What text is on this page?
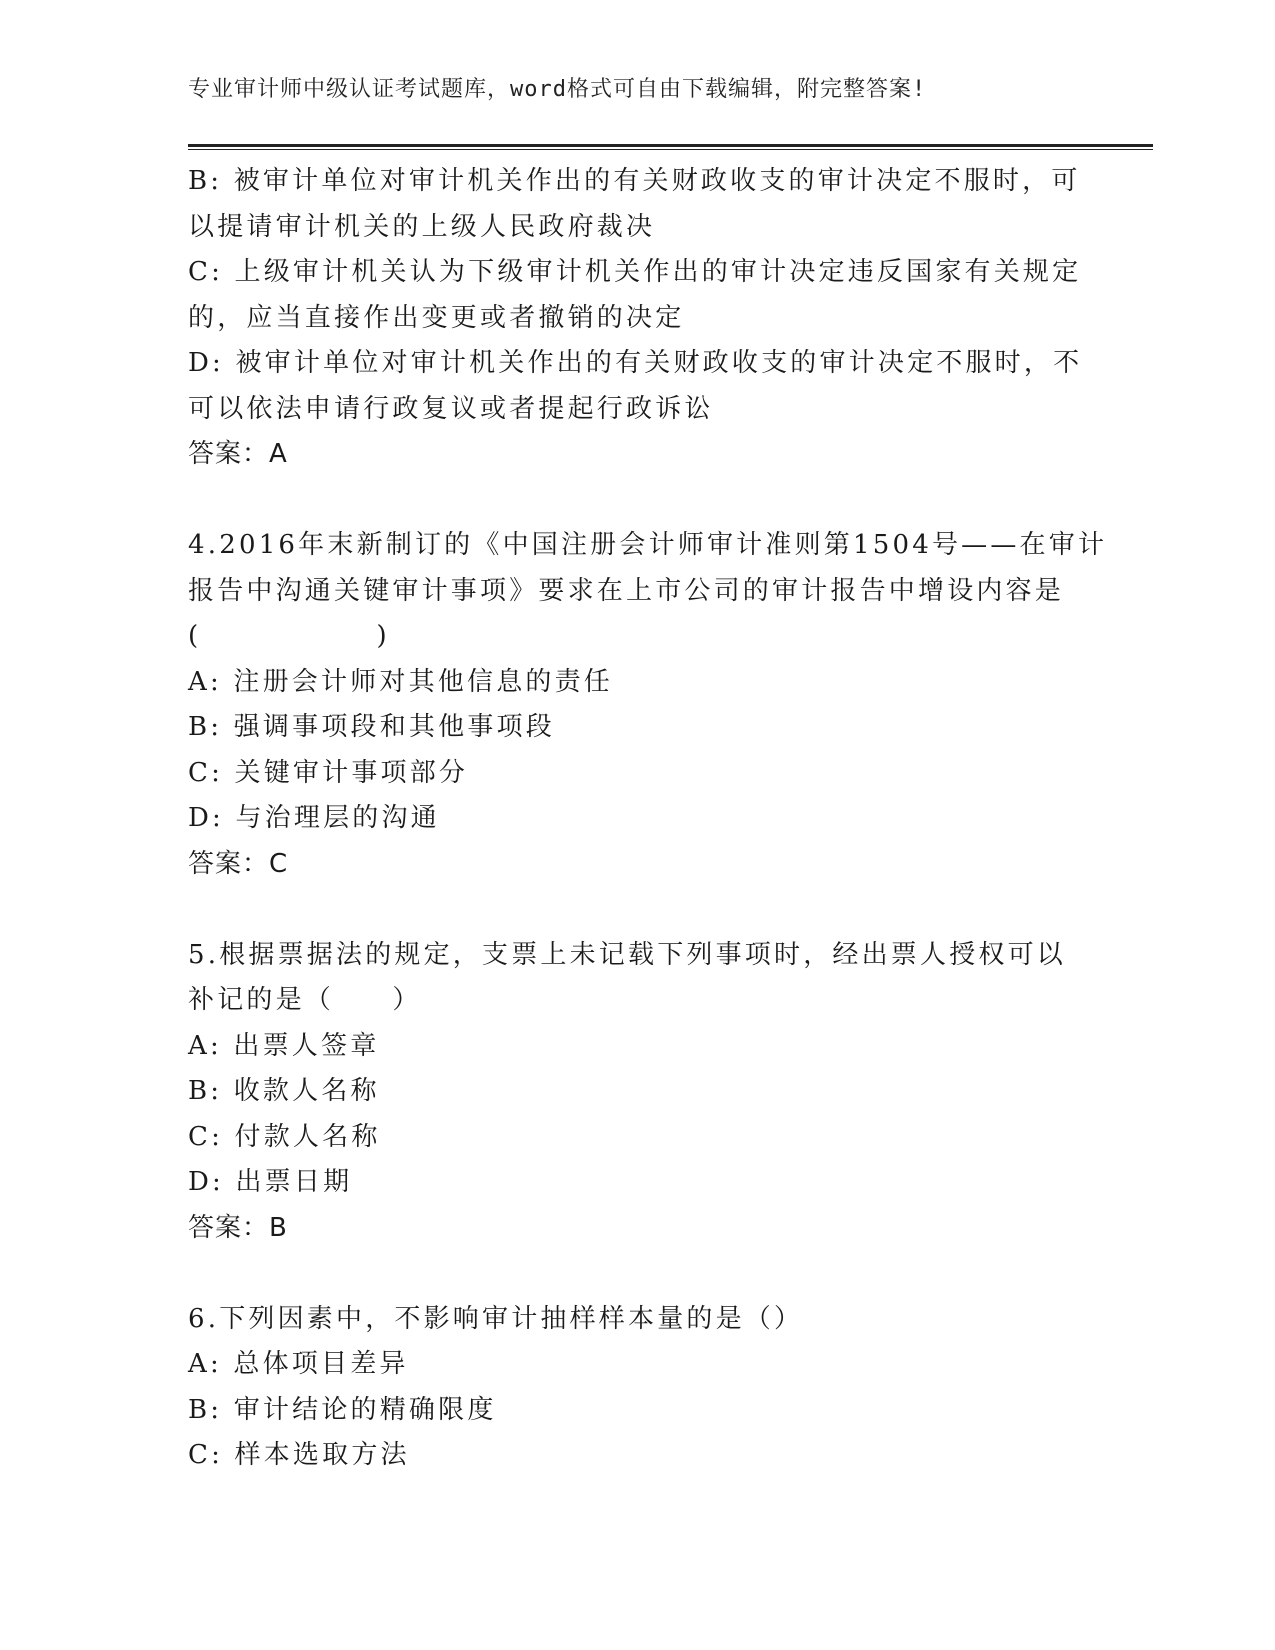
专业审计师中级认证考试题库，word格式可自由下载编辑，附完整答案!
B: 被审计单位对审计机关作出的有关财政收支的审计决定不服时，可
以提请审计机关的上级人民政府裁决
C: 上级审计机关认为下级审计机关作出的审计决定违反国家有关规定
的，应当直接作出变更或者撤销的决定
D: 被审计单位对审计机关作出的有关财政收支的审计决定不服时，不
可以依法申请行政复议或者提起行政诉讼
答案：A
4.2016年末新制订的《中国注册会计师审计准则第1504号——在审计
报告中沟通关键审计事项》要求在上市公司的审计报告中增设内容是
(　　　　　　)
A: 注册会计师对其他信息的责任
B: 强调事项段和其他事项段
C: 关键审计事项部分
D: 与治理层的沟通
答案：C
5.根据票据法的规定，支票上未记载下列事项时，经出票人授权可以
补记的是（　　）
A: 出票人签章
B: 收款人名称
C: 付款人名称
D: 出票日期
答案：B
6.下列因素中，不影响审计抽样样本量的是（）
A: 总体项目差异
B: 审计结论的精确限度
C: 样本选取方法
